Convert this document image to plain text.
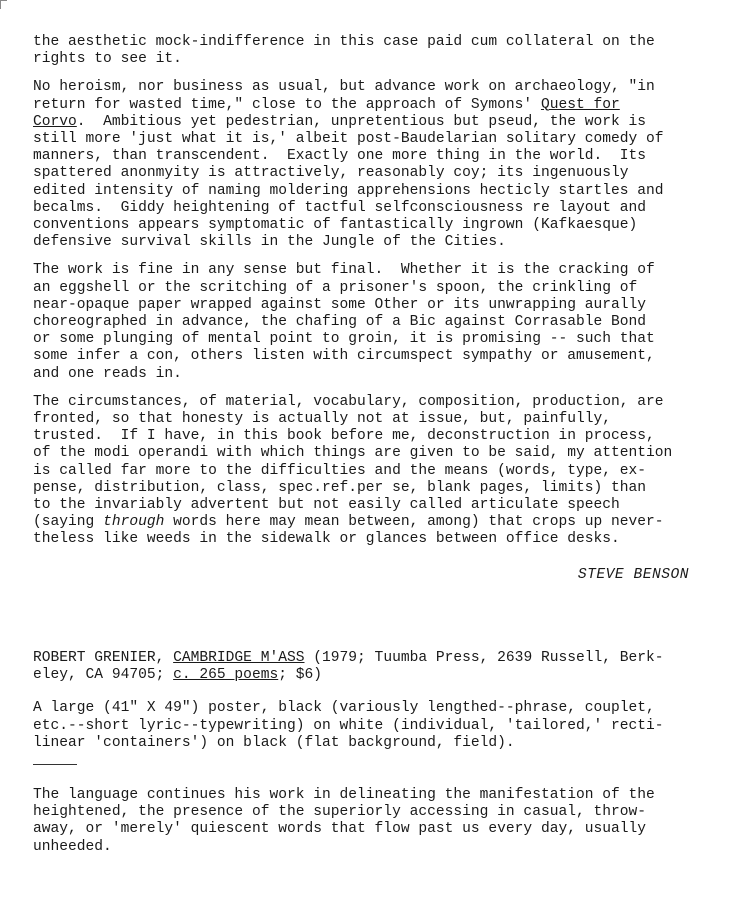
the aesthetic mock-indifference in this case paid cum collateral on the
rights to see it.

No heroism, nor business as usual, but advance work on archaeology, "in
return for wasted time," close to the approach of Symons' Quest for
Corvo.  Ambitious yet pedestrian, unpretentious but pseud, the work is
still more 'just what it is,' albeit post-Baudelarian solitary comedy of
manners, than transcendent.  Exactly one more thing in the world.  Its
spattered anonmyity is attractively, reasonably coy; its ingenuously
edited intensity of naming moldering apprehensions hecticly startles and
becalms.  Giddy heightening of tactful selfconsciousness re layout and
conventions appears symptomatic of fantastically ingrown (Kafkaesque)
defensive survival skills in the Jungle of the Cities.

The work is fine in any sense but final.  Whether it is the cracking of
an eggshell or the scritching of a prisoner's spoon, the crinkling of
near-opaque paper wrapped against some Other or its unwrapping aurally
choreographed in advance, the chafing of a Bic against Corrasable Bond
or some plunging of mental point to groin, it is promising -- such that
some infer a con, others listen with circumspect sympathy or amusement,
and one reads in.

The circumstances, of material, vocabulary, composition, production, are
fronted, so that honesty is actually not at issue, but, painfully,
trusted.  If I have, in this book before me, deconstruction in process,
of the modi operandi with which things are given to be said, my attention
is called far more to the difficulties and the means (words, type, ex-
pense, distribution, class, spec.ref.per se, blank pages, limits) than
to the invariably advertent but not easily called articulate speech
(saying through words here may mean between, among) that crops up never-
theless like weeds in the sidewalk or glances between office desks.

STEVE BENSON

ROBERT GRENIER, CAMBRIDGE M'ASS (1979; Tuumba Press, 2639 Russell, Berk-
eley, CA 94705; c. 265 poems; $6)

A large (41" X 49") poster, black (variously lengthed--phrase, couplet,
etc.--short lyric--typewriting) on white (individual, 'tailored,' recti-
linear 'containers') on black (flat background, field).

The language continues his work in delineating the manifestation of the
heightened, the presence of the superiorly accessing in casual, throw-
away, or 'merely' quiescent words that flow past us every day, usually
unheeded.
